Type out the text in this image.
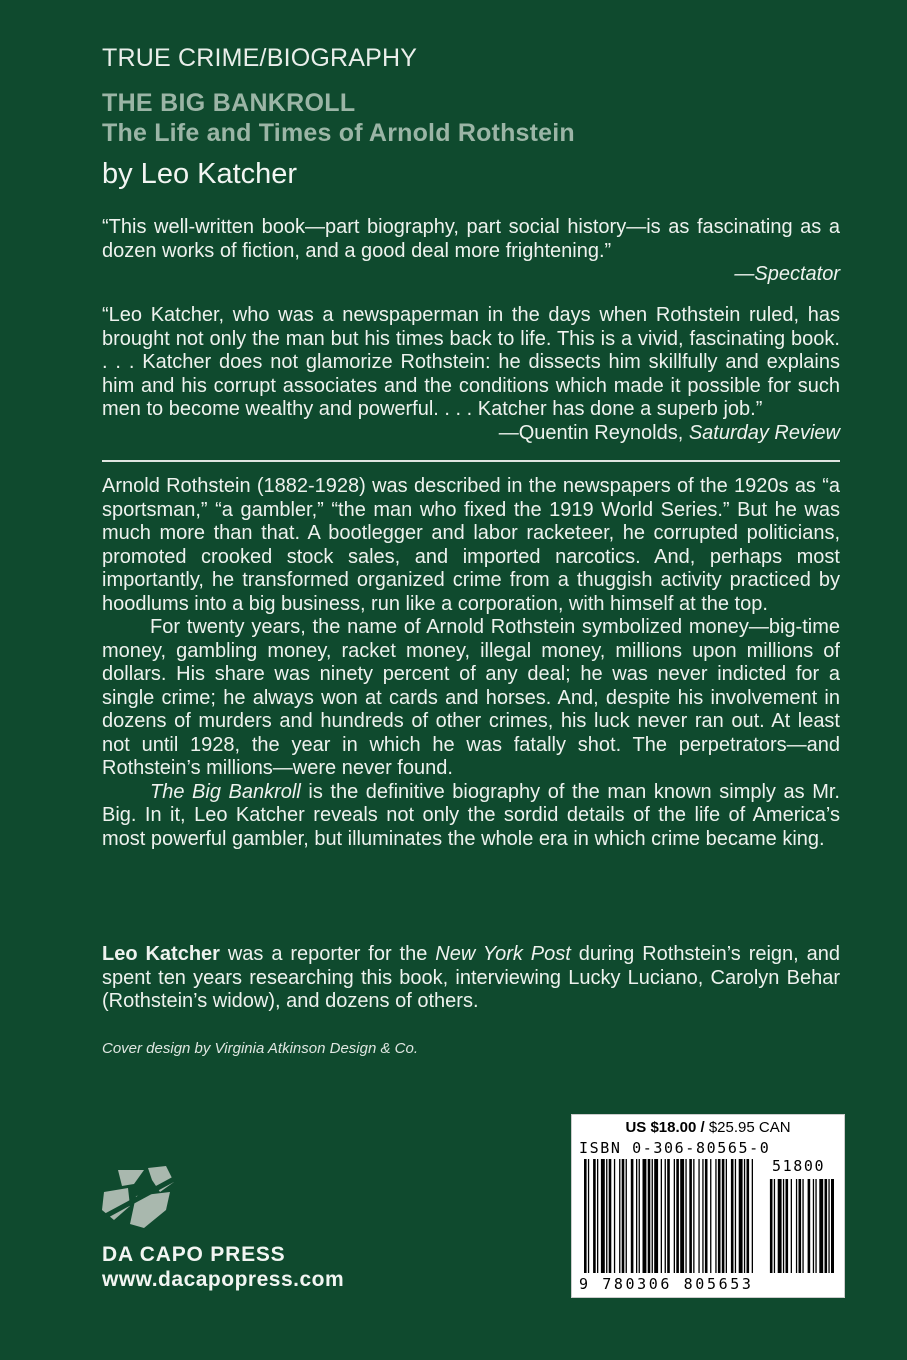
TRUE CRIME/BIOGRAPHY
THE BIG BANKROLL
The Life and Times of Arnold Rothstein
by Leo Katcher
“This well-written book—part biography, part social history—is as fascinating as a dozen works of fiction, and a good deal more frightening.”
—Spectator
“Leo Katcher, who was a newspaperman in the days when Rothstein ruled, has brought not only the man but his times back to life. This is a vivid, fascinating book. . . . Katcher does not glamorize Rothstein: he dissects him skillfully and explains him and his corrupt associates and the conditions which made it possible for such men to become wealthy and powerful. . . . Katcher has done a superb job.”
—Quentin Reynolds, Saturday Review

Arnold Rothstein (1882-1928) was described in the newspapers of the 1920s as “a sportsman,” “a gambler,” “the man who fixed the 1919 World Series.” But he was much more than that. A bootlegger and labor racketeer, he corrupted politicians, promoted crooked stock sales, and imported narcotics. And, perhaps most importantly, he transformed organized crime from a thuggish activity practiced by hoodlums into a big business, run like a corporation, with himself at the top.

For twenty years, the name of Arnold Rothstein symbolized money—big-time money, gambling money, racket money, illegal money, millions upon millions of dollars. His share was ninety percent of any deal; he was never indicted for a single crime; he always won at cards and horses. And, despite his involvement in dozens of murders and hundreds of other crimes, his luck never ran out. At least not until 1928, the year in which he was fatally shot. The perpetrators—and Rothstein’s millions—were never found.

The Big Bankroll is the definitive biography of the man known simply as Mr. Big. In it, Leo Katcher reveals not only the sordid details of the life of America’s most powerful gambler, but illuminates the whole era in which crime became king.

Leo Katcher was a reporter for the New York Post during Rothstein’s reign, and spent ten years researching this book, interviewing Lucky Luciano, Carolyn Behar (Rothstein’s widow), and dozens of others.
Cover design by Virginia Atkinson Design & Co.
DA CAPO PRESS
www.dacapopress.com
US $18.00 / $25.95 CAN
ISBN 0-306-80565-0
51800
9 780306 805653
